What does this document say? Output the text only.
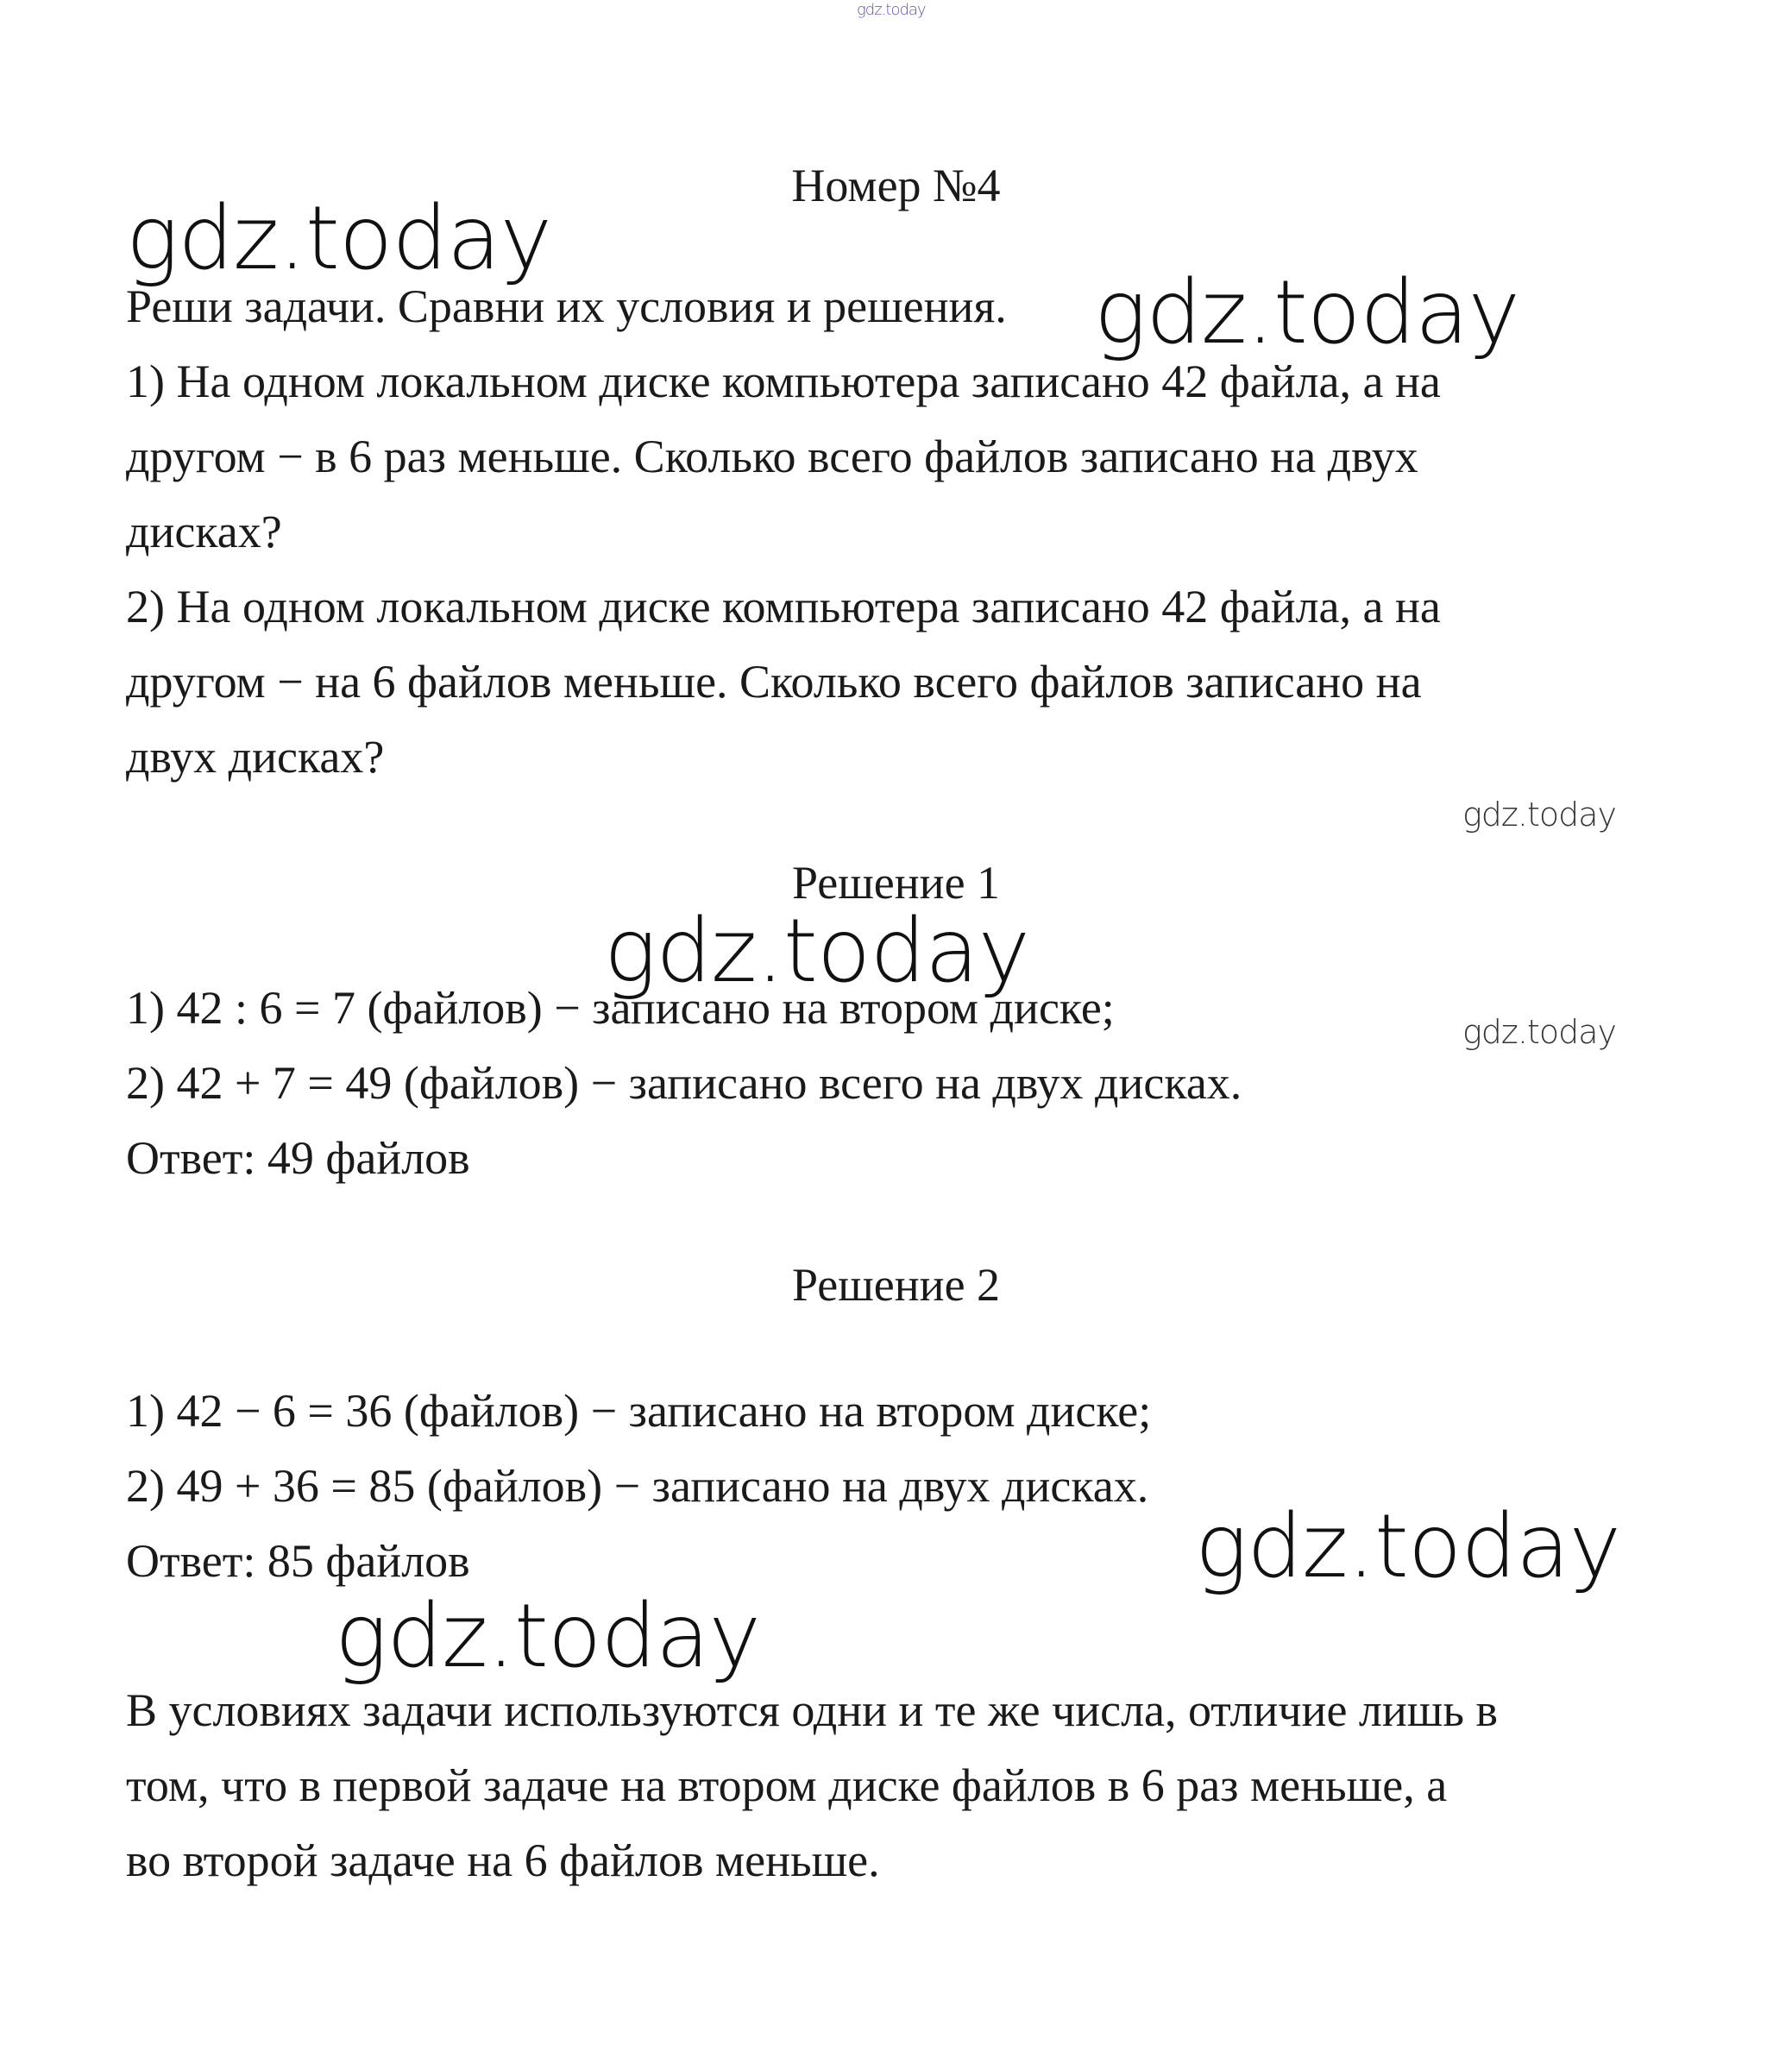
gdz.today
gdz.today
gdz.today
gdz.today
gdz.today
gdz.today
gdz.today
gdz.today
Номер №4
Реши задачи. Сравни их условия и решения.
1) На одном локальном диске компьютера записано 42 файла, а на
другом − в 6 раз меньше. Сколько всего файлов записано на двух
дисках?
2) На одном локальном диске компьютера записано 42 файла, а на
другом − на 6 файлов меньше. Сколько всего файлов записано на
двух дисках?
Решение 1
1) 42 : 6 = 7 (файлов) − записано на втором диске;
2) 42 + 7 = 49 (файлов) − записано всего на двух дисках.
Ответ: 49 файлов
Решение 2
1) 42 − 6 = 36 (файлов) − записано на втором диске;
2) 49 + 36 = 85 (файлов) − записано на двух дисках.
Ответ: 85 файлов
В условиях задачи используются одни и те же числа, отличие лишь в
том, что в первой задаче на втором диске файлов в 6 раз меньше, а
во второй задаче на 6 файлов меньше.
